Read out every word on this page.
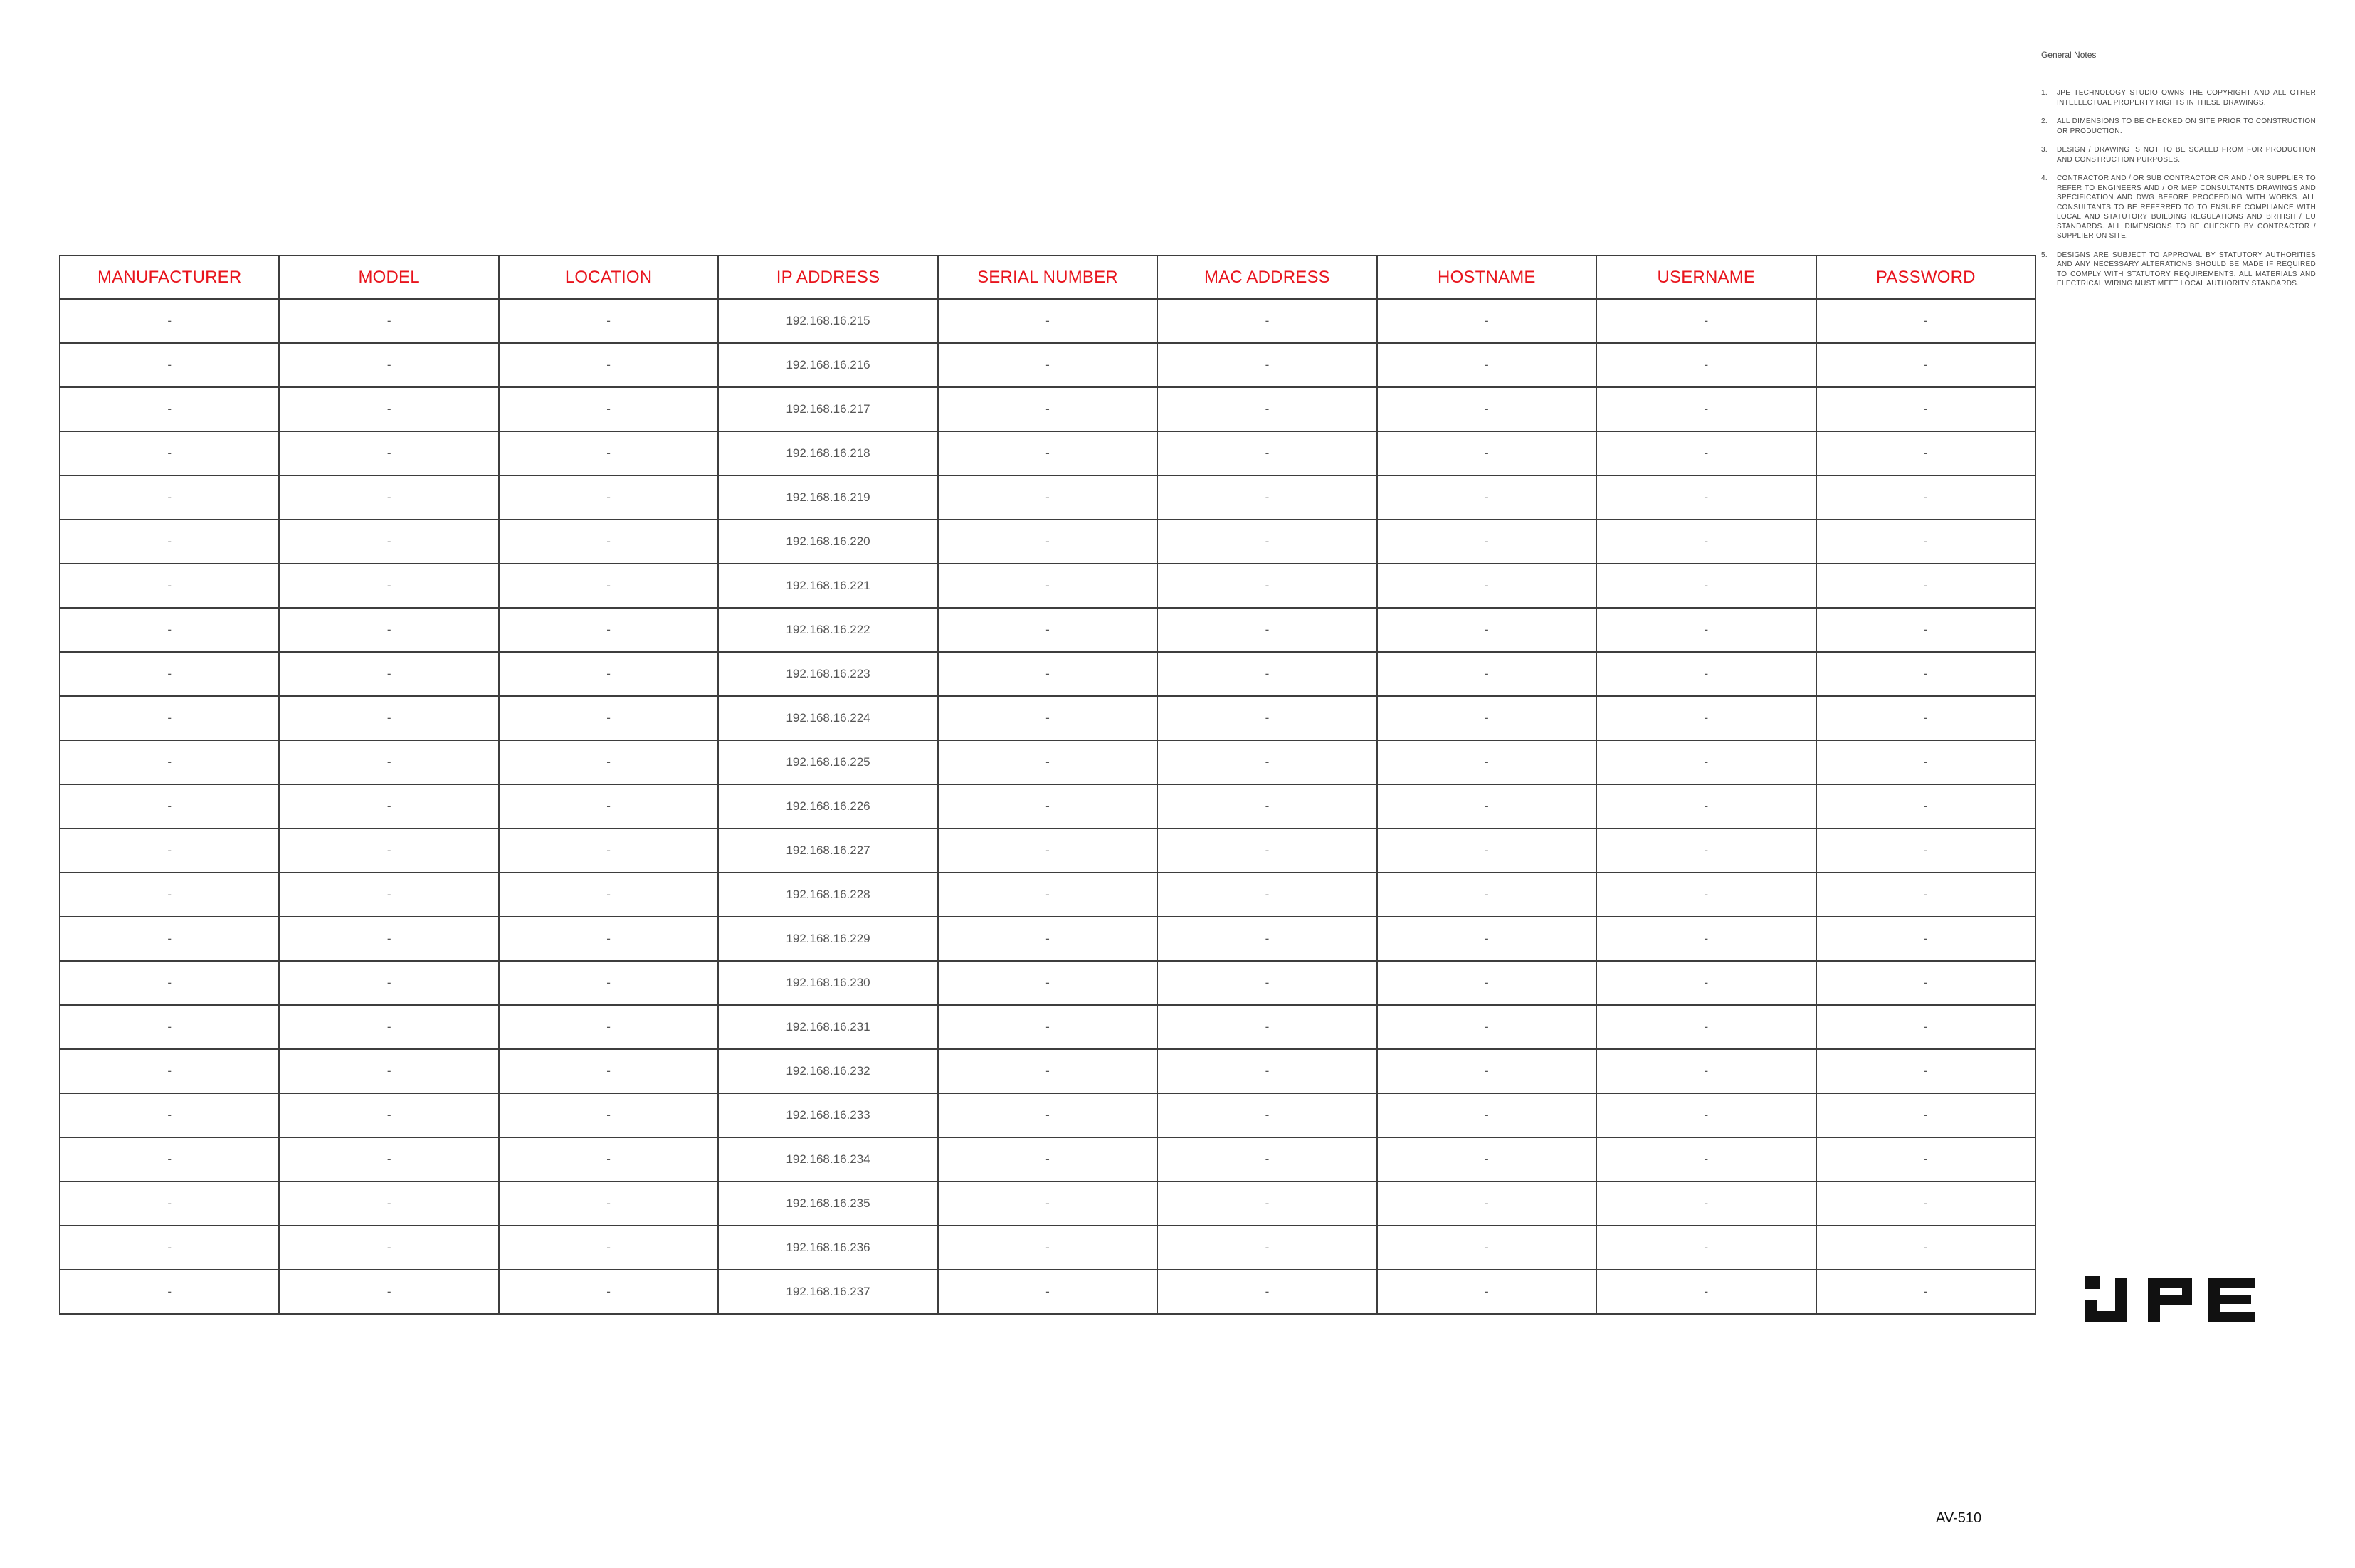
MANUFACTURER	MODEL	LOCATION	IP ADDRESS	SERIAL NUMBER	MAC ADDRESS	HOSTNAME	USERNAME	PASSWORD
-	-	-	192.168.16.215	-	-	-	-	-
-	-	-	192.168.16.216	-	-	-	-	-
-	-	-	192.168.16.217	-	-	-	-	-
-	-	-	192.168.16.218	-	-	-	-	-
-	-	-	192.168.16.219	-	-	-	-	-
-	-	-	192.168.16.220	-	-	-	-	-
-	-	-	192.168.16.221	-	-	-	-	-
-	-	-	192.168.16.222	-	-	-	-	-
-	-	-	192.168.16.223	-	-	-	-	-
-	-	-	192.168.16.224	-	-	-	-	-
-	-	-	192.168.16.225	-	-	-	-	-
-	-	-	192.168.16.226	-	-	-	-	-
-	-	-	192.168.16.227	-	-	-	-	-
-	-	-	192.168.16.228	-	-	-	-	-
-	-	-	192.168.16.229	-	-	-	-	-
-	-	-	192.168.16.230	-	-	-	-	-
-	-	-	192.168.16.231	-	-	-	-	-
-	-	-	192.168.16.232	-	-	-	-	-
-	-	-	192.168.16.233	-	-	-	-	-
-	-	-	192.168.16.234	-	-	-	-	-
-	-	-	192.168.16.235	-	-	-	-	-
-	-	-	192.168.16.236	-	-	-	-	-
-	-	-	192.168.16.237	-	-	-	-	-
General Notes
1. JPE TECHNOLOGY STUDIO OWNS THE COPYRIGHT AND ALL OTHER INTELLECTUAL PROPERTY RIGHTS IN THESE DRAWINGS.
2. ALL DIMENSIONS TO BE CHECKED ON SITE PRIOR TO CONSTRUCTION OR PRODUCTION.
3. DESIGN / DRAWING IS NOT TO BE SCALED FROM FOR PRODUCTION AND CONSTRUCTION PURPOSES.
4. CONTRACTOR AND / OR SUB CONTRACTOR OR AND / OR SUPPLIER TO REFER TO ENGINEERS AND / OR MEP CONSULTANTS DRAWINGS AND SPECIFICATION AND DWG BEFORE PROCEEDING WITH WORKS. ALL CONSULTANTS TO BE REFERRED TO TO ENSURE COMPLIANCE WITH LOCAL AND STATUTORY BUILDING REGULATIONS AND BRITISH / EU STANDARDS. ALL DIMENSIONS TO BE CHECKED BY CONTRACTOR / SUPPLIER ON SITE.
5. DESIGNS ARE SUBJECT TO APPROVAL BY STATUTORY AUTHORITIES AND ANY NECESSARY ALTERATIONS SHOULD BE MADE IF REQUIRED TO COMPLY WITH STATUTORY REQUIREMENTS. ALL MATERIALS AND ELECTRICAL WIRING MUST MEET LOCAL AUTHORITY STANDARDS.
AV-510
